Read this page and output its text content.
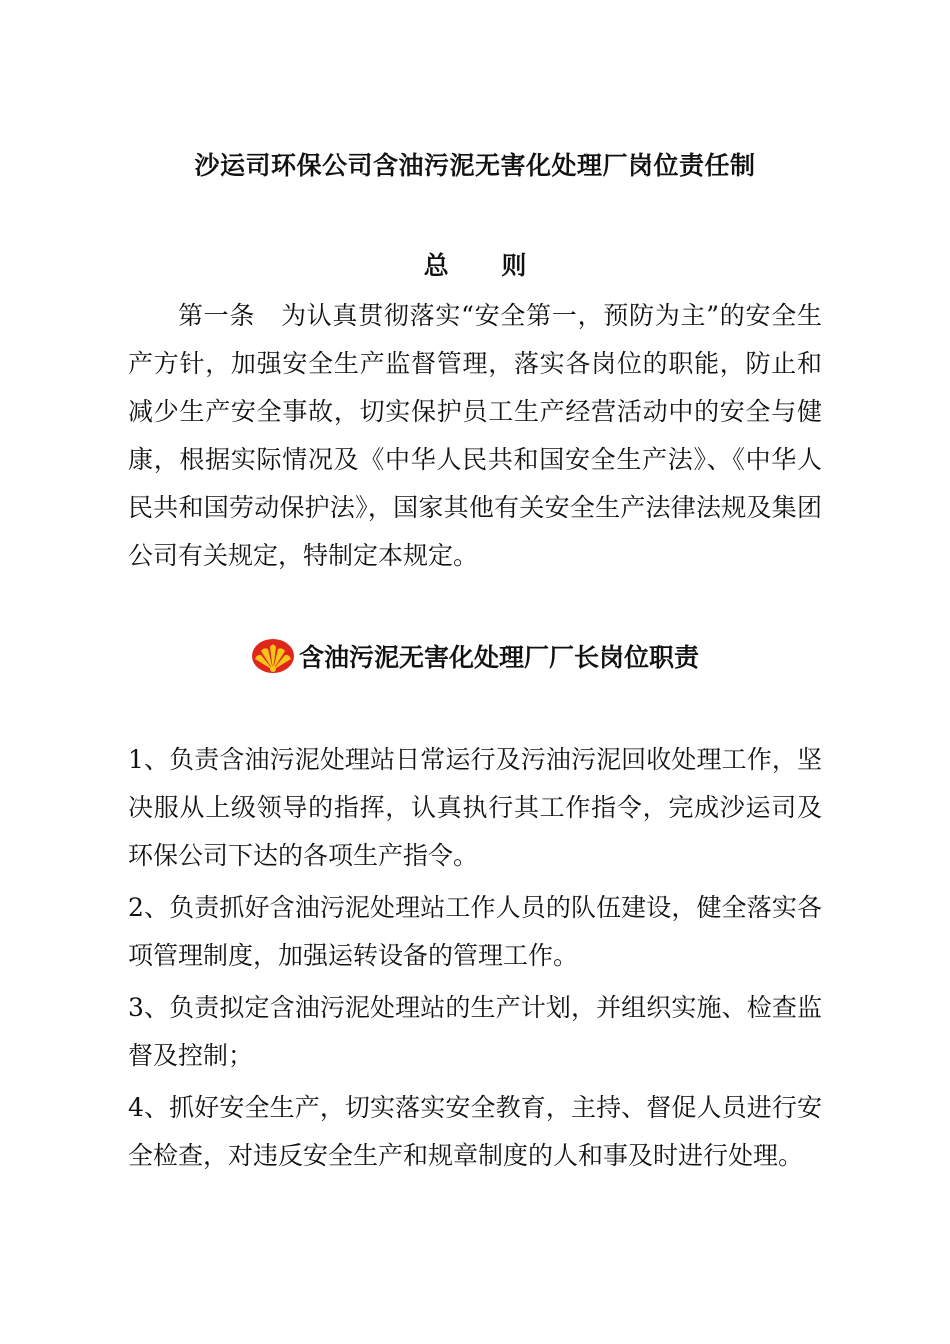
沙运司环保公司含油污泥无害化处理厂岗位责任制
总 则
第一条　为认真贯彻落实“安全第一，预防为主”的安全生产方针，加强安全生产监督管理，落实各岗位的职能，防止和减少生产安全事故，切实保护员工生产经营活动中的安全与健康，根据实际情况及《中华人民共和国安全生产法》、《中华人民共和国劳动保护法》，国家其他有关安全生产法律法规及集团公司有关规定，特制定本规定。
含油污泥无害化处理厂厂长岗位职责

1、负责含油污泥处理站日常运行及污油污泥回收处理工作，坚决服从上级领导的指挥，认真执行其工作指令，完成沙运司及环保公司下达的各项生产指令。

2、负责抓好含油污泥处理站工作人员的队伍建设，健全落实各项管理制度，加强运转设备的管理工作。

3、负责拟定含油污泥处理站的生产计划，并组织实施、检查监督及控制；

4、抓好安全生产，切实落实安全教育，主持、督促人员进行安全检查，对违反安全生产和规章制度的人和事及时进行处理。
